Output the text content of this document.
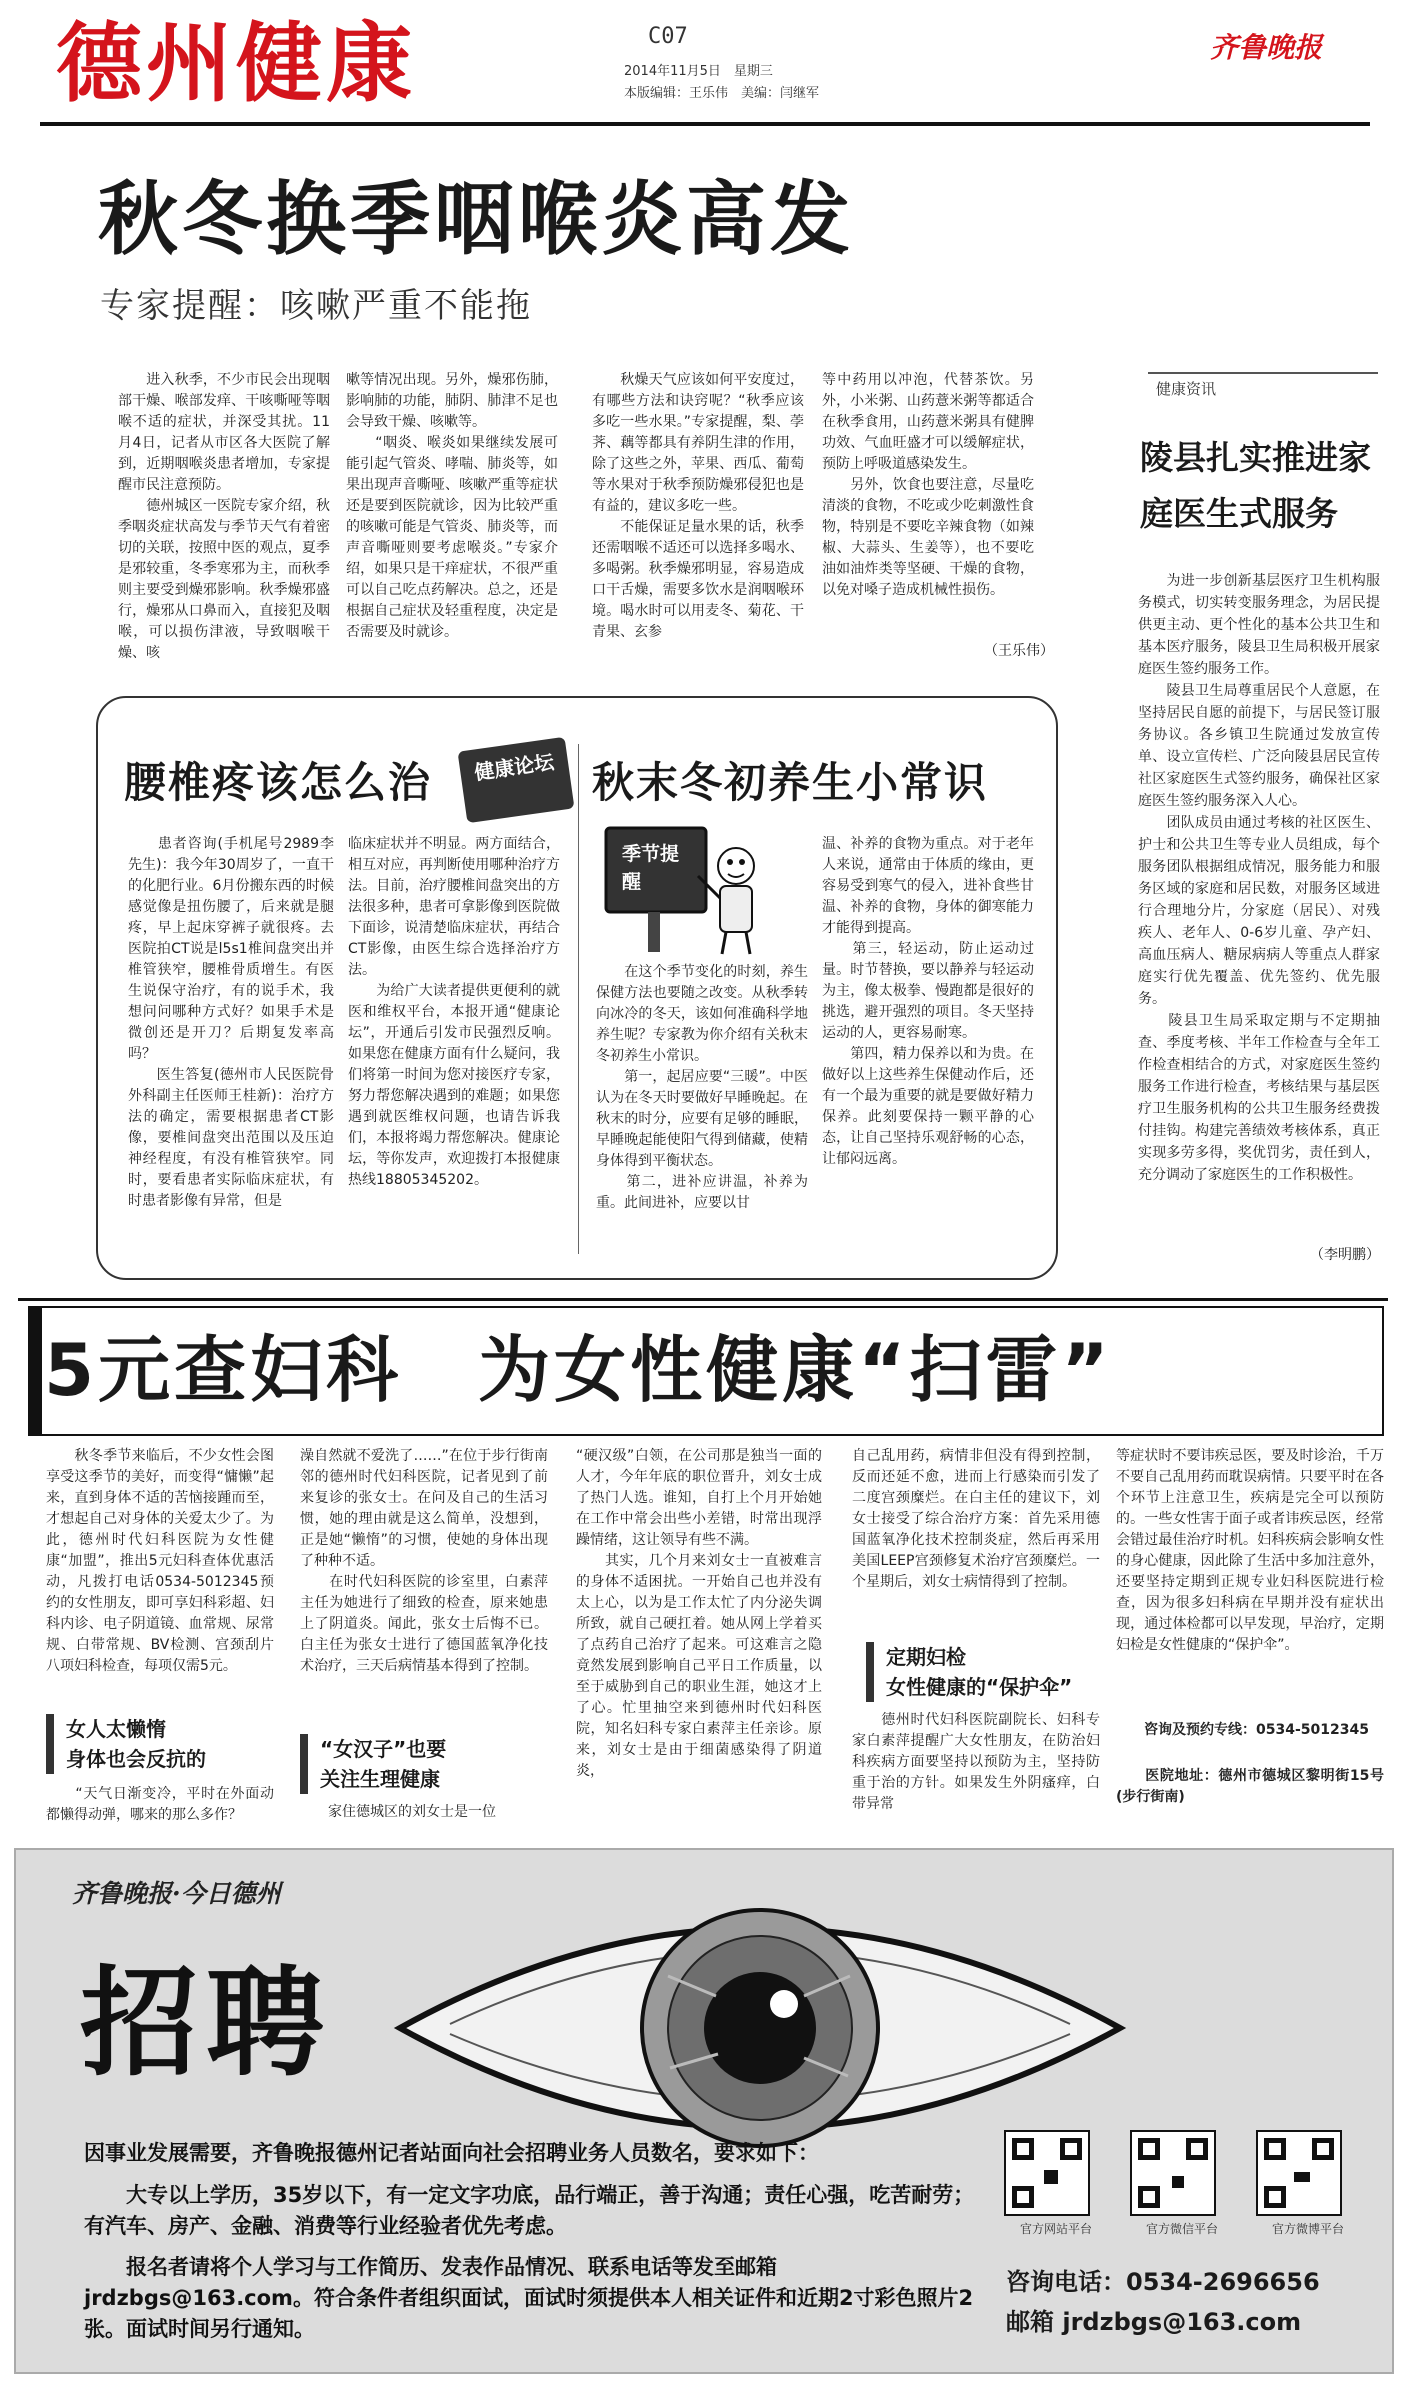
德州健康	C07
2014年11月5日　星期三
本版编辑：王乐伟　美编：闫继军
齐鲁晚报
秋冬换季咽喉炎高发
专家提醒：咳嗽严重不能拖

　　进入秋季，不少市民会出现咽部干燥、喉部发痒、干咳嘶哑等咽喉不适的症状，并深受其扰。11月4日，记者从市区各大医院了解到，近期咽喉炎患者增加，专家提醒市民注意预防。
　　德州城区一医院专家介绍，秋季咽炎症状高发与季节天气有着密切的关联，按照中医的观点，夏季是邪较重，冬季寒邪为主，而秋季则主要受到燥邪影响。秋季燥邪盛行，燥邪从口鼻而入，直接犯及咽喉，可以损伤津液，导致咽喉干燥、咳

嗽等情况出现。另外，燥邪伤肺，影响肺的功能，肺阴、肺津不足也会导致干燥、咳嗽等。
　　“咽炎、喉炎如果继续发展可能引起气管炎、哮喘、肺炎等，如果出现声音嘶哑、咳嗽严重等症状还是要到医院就诊，因为比较严重的咳嗽可能是气管炎、肺炎等，而声音嘶哑则要考虑喉炎。”专家介绍，如果只是干痒症状，不很严重可以自己吃点药解决。总之，还是根据自己症状及轻重程度，决定是否需要及时就诊。

　　秋燥天气应该如何平安度过，有哪些方法和诀窍呢？“秋季应该多吃一些水果。”专家提醒，梨、荸荠、藕等都具有养阴生津的作用，除了这些之外，苹果、西瓜、葡萄等水果对于秋季预防燥邪侵犯也是有益的，建议多吃一些。
　　不能保证足量水果的话，秋季还需咽喉不适还可以选择多喝水、多喝粥。秋季燥邪明显，容易造成口干舌燥，需要多饮水是润咽喉环境。喝水时可以用麦冬、菊花、干青果、玄参

等中药用以冲泡，代替茶饮。另外，小米粥、山药薏米粥等都适合在秋季食用，山药薏米粥具有健脾功效、气血旺盛才可以缓解症状，预防上呼吸道感染发生。
　　另外，饮食也要注意，尽量吃清淡的食物，不吃或少吃刺激性食物，特别是不要吃辛辣食物（如辣椒、大蒜头、生姜等），也不要吃油如油炸类等坚硬、干燥的食物，以免对嗓子造成机械性损伤。

（王乐伟）
健康资讯
陵县扎实推进家庭医生式服务

　　为进一步创新基层医疗卫生机构服务模式，切实转变服务理念，为居民提供更主动、更个性化的基本公共卫生和基本医疗服务，陵县卫生局积极开展家庭医生签约服务工作。
　　陵县卫生局尊重居民个人意愿，在坚持居民自愿的前提下，与居民签订服务协议。各乡镇卫生院通过发放宣传单、设立宣传栏、广泛向陵县居民宣传社区家庭医生式签约服务，确保社区家庭医生签约服务深入人心。
　　团队成员由通过考核的社区医生、护士和公共卫生等专业人员组成，每个服务团队根据组成情况，服务能力和服务区域的家庭和居民数，对服务区域进行合理地分片，分家庭（居民）、对残疾人、老年人、0-6岁儿童、孕产妇、高血压病人、糖尿病病人等重点人群家庭实行优先覆盖、优先签约、优先服务。
　　陵县卫生局采取定期与不定期抽查、季度考核、半年工作检查与全年工作检查相结合的方式，对家庭医生签约服务工作进行检查，考核结果与基层医疗卫生服务机构的公共卫生服务经费拨付挂钩。构建完善绩效考核体系，真正实现多劳多得，奖优罚劣，责任到人，充分调动了家庭医生的工作积极性。

（李明鹏）
腰椎疼该怎么治	健康论坛 秋末冬初养生小常识
季节提醒

　　患者咨询(手机尾号2989李先生)：我今年30周岁了，一直干的化肥行业。6月份搬东西的时候感觉像是扭伤腰了，后来就是腿疼，早上起床穿裤子就很疼。去医院拍CT说是l5s1椎间盘突出并椎管狭窄，腰椎骨质增生。有医生说保守治疗，有的说手术，我想问问哪种方式好？如果手术是微创还是开刀？后期复发率高吗？
　　医生答复(德州市人民医院骨外科副主任医师王桂新)：治疗方法的确定，需要根据患者CT影像，要椎间盘突出范围以及压迫神经程度，有没有椎管狭窄。同时，要看患者实际临床症状，有时患者影像有异常，但是

临床症状并不明显。两方面结合，相互对应，再判断使用哪种治疗方法。目前，治疗腰椎间盘突出的方法很多种，患者可拿影像到医院做下面诊，说清楚临床症状，再结合CT影像，由医生综合选择治疗方法。
　　为给广大读者提供更便利的就医和维权平台，本报开通“健康论坛”，开通后引发市民强烈反响。如果您在健康方面有什么疑问，我们将第一时间为您对接医疗专家，努力帮您解决遇到的难题；如果您遇到就医维权问题，也请告诉我们，本报将竭力帮您解决。健康论坛，等你发声，欢迎拨打本报健康热线18805345202。

　　在这个季节变化的时刻，养生保健方法也要随之改变。从秋季转向冰冷的冬天，该如何准确科学地养生呢？专家教为你介绍有关秋末冬初养生小常识。
　　第一，起居应要“三暖”。中医认为在冬天时要做好早睡晚起。在秋末的时分，应要有足够的睡眠，早睡晚起能使阳气得到储藏，使精身体得到平衡状态。
　　第二，进补应讲温，补养为重。此间进补，应要以甘

温、补养的食物为重点。对于老年人来说，通常由于体质的缘由，更容易受到寒气的侵入，进补食些甘温、补养的食物，身体的御寒能力才能得到提高。
　　第三，轻运动，防止运动过量。时节替换，要以静养与轻运动为主，像太极拳、慢跑都是很好的挑选，避开强烈的项目。冬天坚持运动的人，更容易耐寒。
　　第四，精力保养以和为贵。在做好以上这些养生保健动作后，还有一个最为重要的就是要做好精力保养。此刻要保持一颗平静的心态，让自己坚持乐观舒畅的心态，让郁闷远离。

5元查妇科　为女性健康“扫雷”

　　秋冬季节来临后，不少女性会图享受这季节的美好，而变得“慵懒”起来，直到身体不适的苦恼接踵而至，才想起自己对身体的关爱太少了。为此，德州时代妇科医院为女性健康“加盟”，推出5元妇科查体优惠活动，凡拨打电话0534-5012345预约的女性朋友，即可享妇科彩超、妇科内诊、电子阴道镜、血常规、尿常规、白带常规、BV检测、宫颈刮片八项妇科检查，每项仅需5元。

女人太懒惰
身体也会反抗的

　　“天气日渐变冷，平时在外面动都懒得动弹，哪来的那么多作？

澡自然就不爱洗了……”在位于步行街南邻的德州时代妇科医院，记者见到了前来复诊的张女士。在问及自己的生活习惯，她的理由就是这么简单，没想到，正是她“懒惰”的习惯，使她的身体出现了种种不适。
　　在时代妇科医院的诊室里，白素萍主任为她进行了细致的检查，原来她患上了阴道炎。闻此，张女士后悔不已。白主任为张女士进行了德国蓝氧净化技术治疗，三天后病情基本得到了控制。

“女汉子”也要
关注生理健康

　　家住德城区的刘女士是一位

“硬汉级”白领，在公司那是独当一面的人才，今年年底的职位晋升，刘女士成了热门人选。谁知，自打上个月开始她在工作中常会出些小差错，时常出现浮躁情绪，这让领导有些不满。
　　其实，几个月来刘女士一直被难言的身体不适困扰。一开始自己也并没有太上心，以为是工作太忙了内分泌失调所致，就自己硬扛着。她从网上学着买了点药自己治疗了起来。可这难言之隐竟然发展到影响自己平日工作质量，以至于威胁到自己的职业生涯，她这才上了心。忙里抽空来到德州时代妇科医院，知名妇科专家白素萍主任亲诊。原来，刘女士是由于细菌感染得了阴道炎，

自己乱用药，病情非但没有得到控制，反而还延不愈，进而上行感染而引发了二度宫颈糜烂。在白主任的建议下，刘女士接受了综合治疗方案：首先采用德国蓝氧净化技术控制炎症，然后再采用美国LEEP宫颈修复术治疗宫颈糜烂。一个星期后，刘女士病情得到了控制。

定期妇检
女性健康的“保护伞”

　　德州时代妇科医院副院长、妇科专家白素萍提醒广大女性朋友，在防治妇科疾病方面要坚持以预防为主，坚持防重于治的方针。如果发生外阴瘙痒，白带异常

等症状时不要讳疾忌医，要及时诊治，千万不要自己乱用药而耽误病情。只要平时在各个环节上注意卫生，疾病是完全可以预防的。一些女性害于面子或者讳疾忌医，经常会错过最佳治疗时机。妇科疾病会影响女性的身心健康，因此除了生活中多加注意外，还要坚持定期到正规专业妇科医院进行检查，因为很多妇科病在早期并没有症状出现，通过体检都可以早发现，早治疗，定期妇检是女性健康的“保护伞”。

　　咨询及预约专线：0534-5012345

　　医院地址：德州市德城区黎明街15号(步行街南)

齐鲁晚报·今日德州
招聘
因事业发展需要，齐鲁晚报德州记者站面向社会招聘业务人员数名，要求如下：
　　大专以上学历，35岁以下，有一定文字功底，品行端正，善于沟通；责任心强，吃苦耐劳；有汽车、房产、金融、消费等行业经验者优先考虑。
　　报名者请将个人学习与工作简历、发表作品情况、联系电话等发至邮箱jrdzbgs@163.com。符合条件者组织面试，面试时须提供本人相关证件和近期2寸彩色照片2张。面试时间另行通知。
官方网站平台	官方微信平台	官方微博平台
咨询电话：0534-2696656
邮箱 jrdzbgs@163.com
